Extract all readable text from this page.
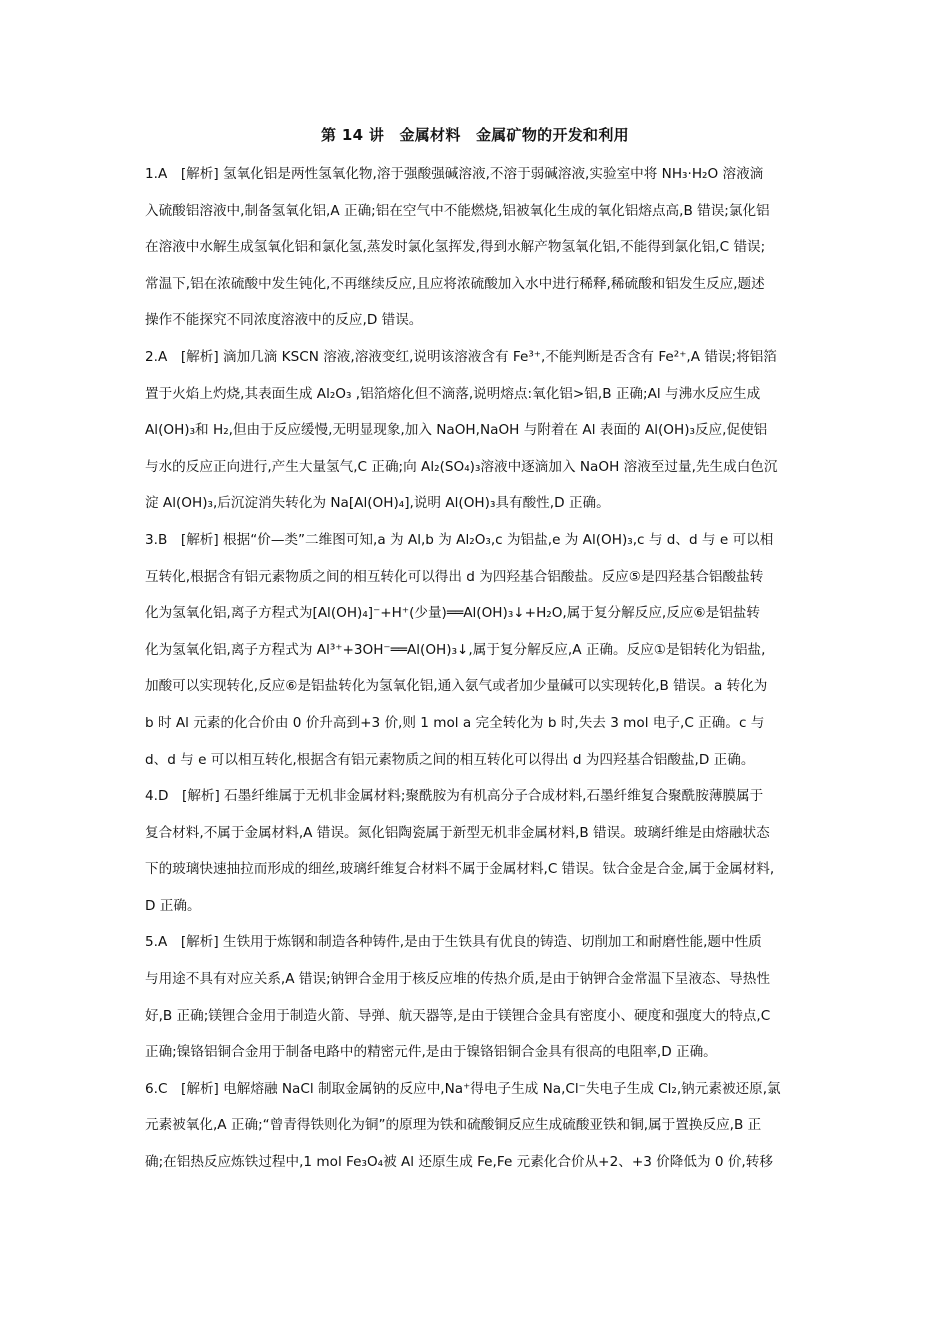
第 14 讲　金属材料　金属矿物的开发和利用
1.A　[解析] 氢氧化铝是两性氢氧化物,溶于强酸强碱溶液,不溶于弱碱溶液,实验室中将 NH₃·H₂O 溶液滴
入硫酸铝溶液中,制备氢氧化铝,A 正确;铝在空气中不能燃烧,铝被氧化生成的氧化铝熔点高,B 错误;氯化铝
在溶液中水解生成氢氧化铝和氯化氢,蒸发时氯化氢挥发,得到水解产物氢氧化铝,不能得到氯化铝,C 错误;
常温下,铝在浓硫酸中发生钝化,不再继续反应,且应将浓硫酸加入水中进行稀释,稀硫酸和铝发生反应,题述
操作不能探究不同浓度溶液中的反应,D 错误。
2.A　[解析] 滴加几滴 KSCN 溶液,溶液变红,说明该溶液含有 Fe³⁺,不能判断是否含有 Fe²⁺,A 错误;将铝箔
置于火焰上灼烧,其表面生成 Al₂O₃ ,铝箔熔化但不滴落,说明熔点:氧化铝>铝,B 正确;Al 与沸水反应生成
Al(OH)₃和 H₂,但由于反应缓慢,无明显现象,加入 NaOH,NaOH 与附着在 Al 表面的 Al(OH)₃反应,促使铝
与水的反应正向进行,产生大量氢气,C 正确;向 Al₂(SO₄)₃溶液中逐滴加入 NaOH 溶液至过量,先生成白色沉
淀 Al(OH)₃,后沉淀消失转化为 Na[Al(OH)₄],说明 Al(OH)₃具有酸性,D 正确。
3.B　[解析] 根据“价—类”二维图可知,a 为 Al,b 为 Al₂O₃,c 为铝盐,e 为 Al(OH)₃,c 与 d、d 与 e 可以相
互转化,根据含有铝元素物质之间的相互转化可以得出 d 为四羟基合铝酸盐。反应⑤是四羟基合铝酸盐转
化为氢氧化铝,离子方程式为[Al(OH)₄]⁻+H⁺(少量)══Al(OH)₃↓+H₂O,属于复分解反应,反应⑥是铝盐转
化为氢氧化铝,离子方程式为 Al³⁺+3OH⁻══Al(OH)₃↓,属于复分解反应,A 正确。反应①是铝转化为铝盐,
加酸可以实现转化,反应⑥是铝盐转化为氢氧化铝,通入氨气或者加少量碱可以实现转化,B 错误。a 转化为
b 时 Al 元素的化合价由 0 价升高到+3 价,则 1 mol a 完全转化为 b 时,失去 3 mol 电子,C 正确。c 与
d、d 与 e 可以相互转化,根据含有铝元素物质之间的相互转化可以得出 d 为四羟基合铝酸盐,D 正确。
4.D　[解析] 石墨纤维属于无机非金属材料;聚酰胺为有机高分子合成材料,石墨纤维复合聚酰胺薄膜属于
复合材料,不属于金属材料,A 错误。氮化铝陶瓷属于新型无机非金属材料,B 错误。玻璃纤维是由熔融状态
下的玻璃快速抽拉而形成的细丝,玻璃纤维复合材料不属于金属材料,C 错误。钛合金是合金,属于金属材料,
D 正确。
5.A　[解析] 生铁用于炼钢和制造各种铸件,是由于生铁具有优良的铸造、切削加工和耐磨性能,题中性质
与用途不具有对应关系,A 错误;钠钾合金用于核反应堆的传热介质,是由于钠钾合金常温下呈液态、导热性
好,B 正确;镁锂合金用于制造火箭、导弹、航天器等,是由于镁锂合金具有密度小、硬度和强度大的特点,C
正确;镍铬铝铜合金用于制备电路中的精密元件,是由于镍铬铝铜合金具有很高的电阻率,D 正确。
6.C　[解析] 电解熔融 NaCl 制取金属钠的反应中,Na⁺得电子生成 Na,Cl⁻失电子生成 Cl₂,钠元素被还原,氯
元素被氧化,A 正确;“曾青得铁则化为铜”的原理为铁和硫酸铜反应生成硫酸亚铁和铜,属于置换反应,B 正
确;在铝热反应炼铁过程中,1 mol Fe₃O₄被 Al 还原生成 Fe,Fe 元素化合价从+2、+3 价降低为 0 价,转移
